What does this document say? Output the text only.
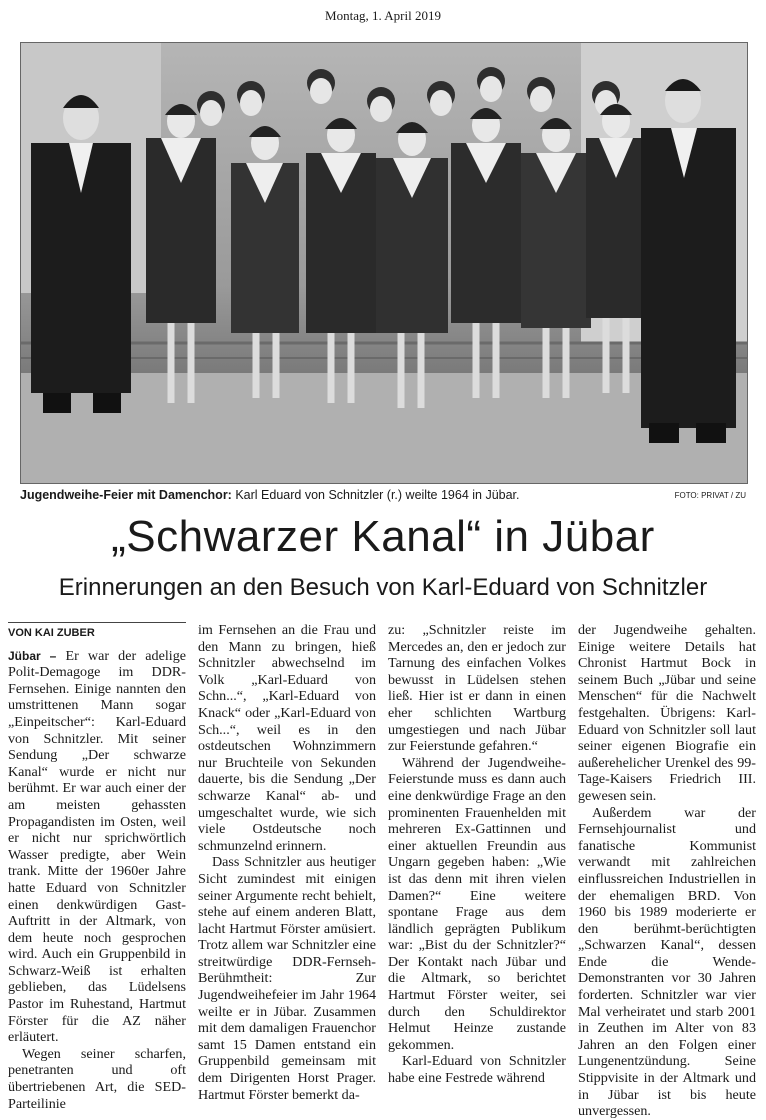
Montag, 1. April 2019
Jugendweihe-Feier mit Damenchor: Karl Eduard von Schnitzler (r.) weilte 1964 in Jübar.	FOTO: PRIVAT / ZU
„Schwarzer Kanal“ in Jübar
Erinnerungen an den Besuch von Karl-Eduard von Schnitzler
VON KAI ZUBER

Jübar – Er war der adelige Polit-Demagoge im DDR-Fernsehen. Einige nannten den umstrittenen Mann sogar „Einpeitscher“: Karl-Eduard von Schnitzler. Mit seiner Sendung „Der schwarze Kanal“ wurde er nicht nur berühmt. Er war auch einer der am meisten gehassten Propagandisten im Osten, weil er nicht nur sprichwörtlich Wasser predigte, aber Wein trank. Mitte der 1960er Jahre hatte Eduard von Schnitzler einen denkwürdigen Gast-Auftritt in der Altmark, von dem heute noch gesprochen wird. Auch ein Gruppenbild in Schwarz-Weiß ist erhalten geblieben, das Lüdelsens Pastor im Ruhestand, Hartmut Förster für die AZ näher erläutert.

Wegen seiner scharfen, penetranten und oft übertriebenen Art, die SED-Parteilinie

im Fernsehen an die Frau und den Mann zu bringen, hieß Schnitzler abwechselnd im Volk „Karl-Eduard von Schn...“, „Karl-Eduard von Knack“ oder „Karl-Eduard von Sch...“, weil es in den ostdeutschen Wohnzimmern nur Bruchteile von Sekunden dauerte, bis die Sendung „Der schwarze Kanal“ ab- und umgeschaltet wurde, wie sich viele Ostdeutsche noch schmunzelnd erinnern.

Dass Schnitzler aus heutiger Sicht zumindest mit einigen seiner Argumente recht behielt, stehe auf einem anderen Blatt, lacht Hartmut Förster amüsiert. Trotz allem war Schnitzler eine streitwürdige DDR-Fernseh-Berühmtheit: Zur Jugendweihefeier im Jahr 1964 weilte er in Jübar. Zusammen mit dem damaligen Frauenchor samt 15 Damen entstand ein Gruppenbild gemeinsam mit dem Dirigenten Horst Prager. Hartmut Förster bemerkt da-

zu: „Schnitzler reiste im Mercedes an, den er jedoch zur Tarnung des einfachen Volkes bewusst in Lüdelsen stehen ließ. Hier ist er dann in einen eher schlichten Wartburg umgestiegen und nach Jübar zur Feierstunde gefahren.“

Während der Jugendweihe-Feierstunde muss es dann auch eine denkwürdige Frage an den prominenten Frauenhelden mit mehreren Ex-Gattinnen und einer aktuellen Freundin aus Ungarn gegeben haben: „Wie ist das denn mit ihren vielen Damen?“ Eine weitere spontane Frage aus dem ländlich geprägten Publikum war: „Bist du der Schnitzler?“ Der Kontakt nach Jübar und die Altmark, so berichtet Hartmut Förster weiter, sei durch den Schuldirektor Helmut Heinze zustande gekommen.

Karl-Eduard von Schnitzler habe eine Festrede während

der Jugendweihe gehalten. Einige weitere Details hat Chronist Hartmut Bock in seinem Buch „Jübar und seine Menschen“ für die Nachwelt festgehalten. Übrigens: Karl-Eduard von Schnitzler soll laut seiner eigenen Biografie ein außerehelicher Urenkel des 99-Tage-Kaisers Friedrich III. gewesen sein.

Außerdem war der Fernsehjournalist und fanatische Kommunist verwandt mit zahlreichen einflussreichen Industriellen in der ehemaligen BRD. Von 1960 bis 1989 moderierte er den berühmt-berüchtigten „Schwarzen Kanal“, dessen Ende die Wende-Demonstranten vor 30 Jahren forderten. Schnitzler war vier Mal verheiratet und starb 2001 in Zeuthen im Alter von 83 Jahren an den Folgen einer Lungenentzündung. Seine Stippvisite in der Altmark und in Jübar ist bis heute unvergessen.
